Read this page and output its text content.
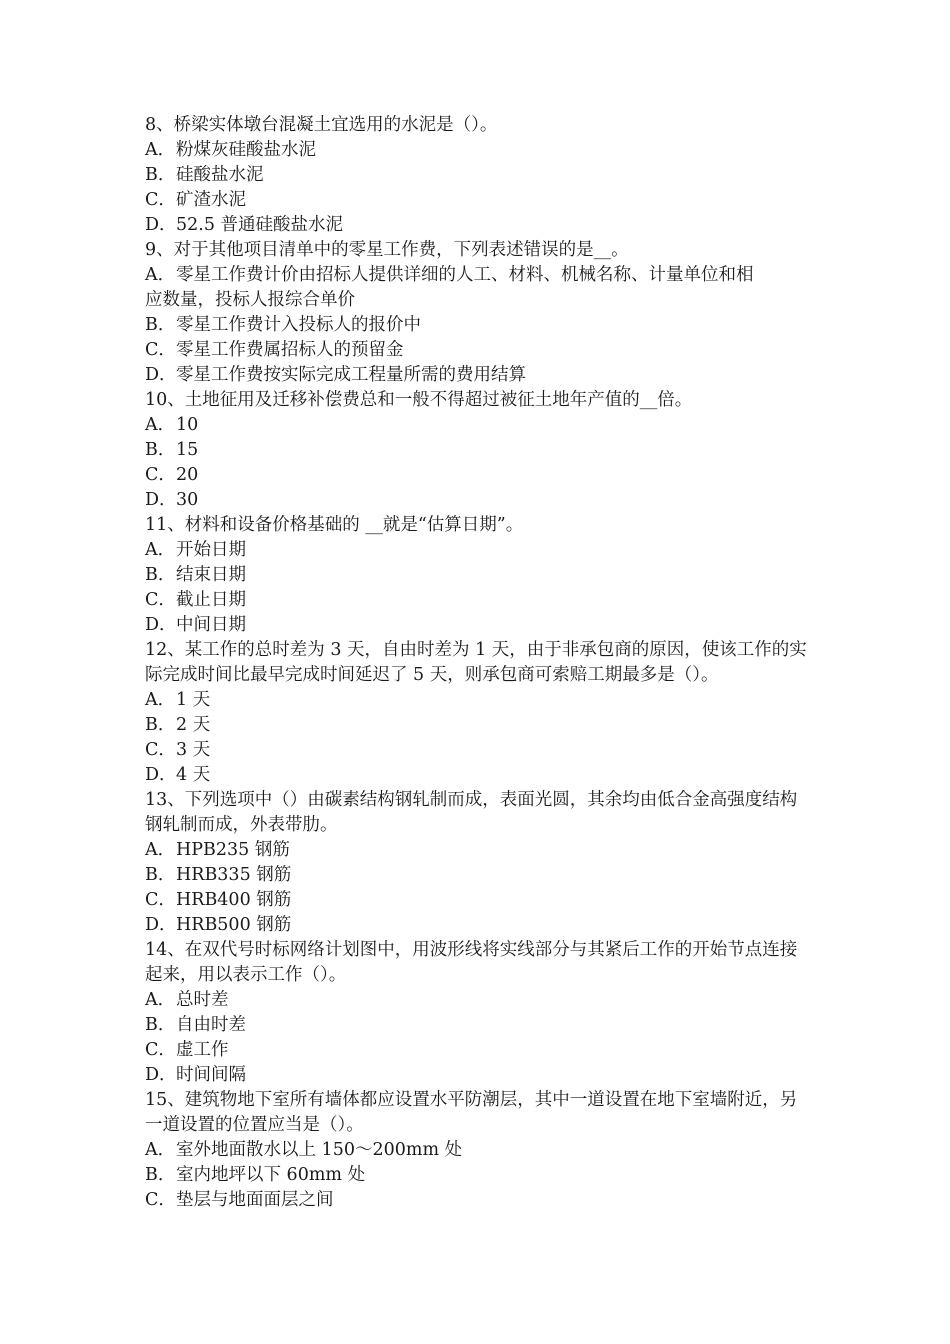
8、桥梁实体墩台混凝土宜选用的水泥是（）。

A．粉煤灰硅酸盐水泥

B．硅酸盐水泥

C．矿渣水泥

D．52.5 普通硅酸盐水泥

9、对于其他项目清单中的零星工作费，下列表述错误的是__。

A．零星工作费计价由招标人提供详细的人工、材料、机械名称、计量单位和相

应数量，投标人报综合单价

B．零星工作费计入投标人的报价中

C．零星工作费属招标人的预留金

D．零星工作费按实际完成工程量所需的费用结算

10、土地征用及迁移补偿费总和一般不得超过被征土地年产值的__倍。

A．10

B．15

C．20

D．30

11、材料和设备价格基础的 __就是“估算日期”。

A．开始日期

B．结束日期

C．截止日期

D．中间日期

12、某工作的总时差为 3 天，自由时差为 1 天，由于非承包商的原因，使该工作的实际完成时间比最早完成时间延迟了 5 天，则承包商可索赔工期最多是（）。

A．1 天

B．2 天

C．3 天

D．4 天

13、下列选项中（）由碳素结构钢轧制而成，表面光圆，其余均由低合金高强度结构钢轧制而成，外表带肋。

A．HPB235 钢筋

B．HRB335 钢筋

C．HRB400 钢筋

D．HRB500 钢筋

14、在双代号时标网络计划图中，用波形线将实线部分与其紧后工作的开始节点连接起来，用以表示工作（）。

A．总时差

B．自由时差

C．虚工作

D．时间间隔

15、建筑物地下室所有墙体都应设置水平防潮层，其中一道设置在地下室墙附近，另一道设置的位置应当是（）。

A．室外地面散水以上 150～200mm 处

B．室内地坪以下 60mm 处

C．垫层与地面面层之间
